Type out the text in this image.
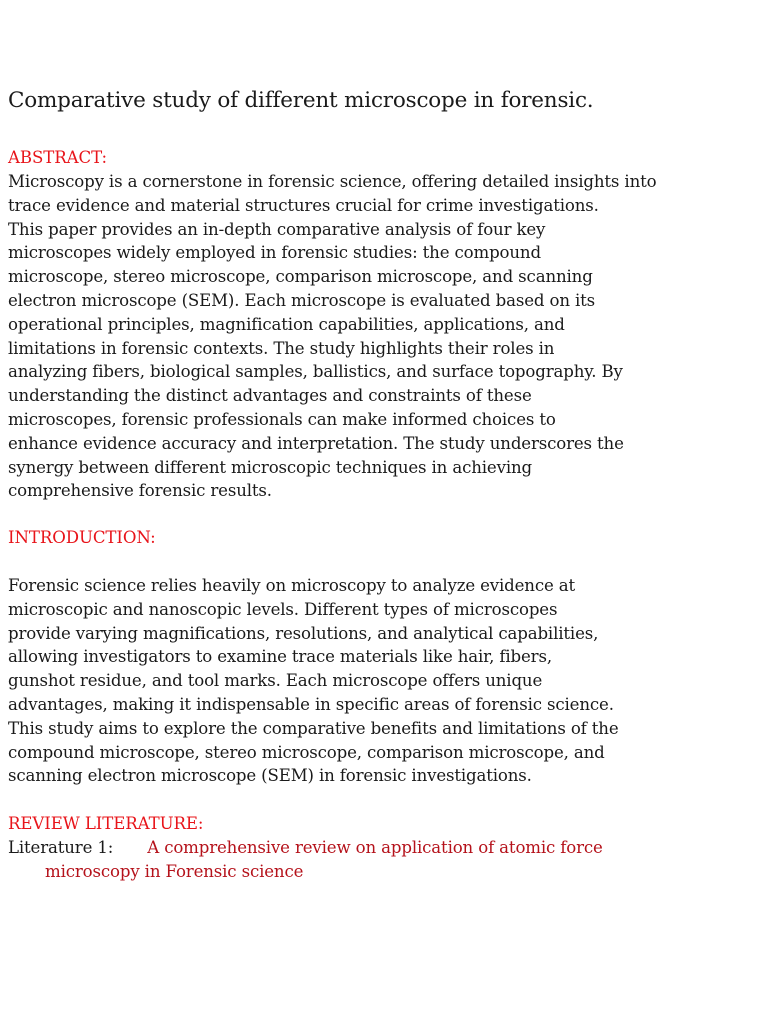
Comparative study of different microscope in forensic.
ABSTRACT:

Microscopy is a cornerstone in forensic science, offering detailed insights into
trace evidence and material structures crucial for crime investigations.
This paper provides an in-depth comparative analysis of four key
microscopes widely employed in forensic studies: the compound
microscope, stereo microscope, comparison microscope, and scanning
electron microscope (SEM). Each microscope is evaluated based on its
operational principles, magnification capabilities, applications, and
limitations in forensic contexts. The study highlights their roles in
analyzing fibers, biological samples, ballistics, and surface topography. By
understanding the distinct advantages and constraints of these
microscopes, forensic professionals can make informed choices to
enhance evidence accuracy and interpretation. The study underscores the
synergy between different microscopic techniques in achieving
comprehensive forensic results.

INTRODUCTION:

Forensic science relies heavily on microscopy to analyze evidence at
microscopic and nanoscopic levels. Different types of microscopes
provide varying magnifications, resolutions, and analytical capabilities,
allowing investigators to examine trace materials like hair, fibers,
gunshot residue, and tool marks. Each microscope offers unique
advantages, making it indispensable in specific areas of forensic science.
This study aims to explore the comparative benefits and limitations of the
compound microscope, stereo microscope, comparison microscope, and
scanning electron microscope (SEM) in forensic investigations.

REVIEW LITERATURE:
Literature 1: A comprehensive review on application of atomic force
microscopy in Forensic science
